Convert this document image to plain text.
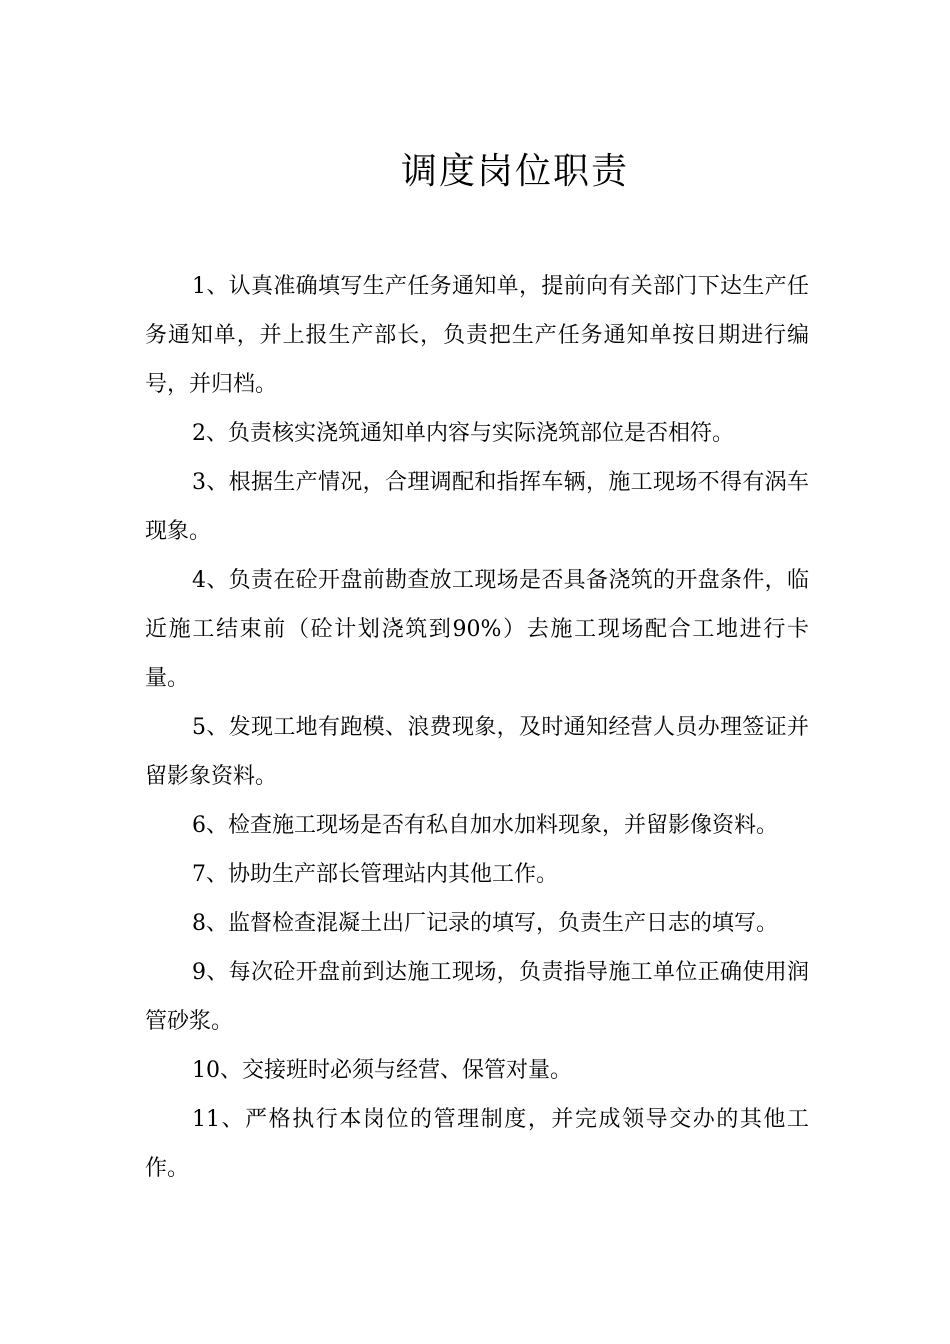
调度岗位职责

1、认真准确填写生产任务通知单，提前向有关部门下达生产任务通知单，并上报生产部长，负责把生产任务通知单按日期进行编号，并归档。

2、负责核实浇筑通知单内容与实际浇筑部位是否相符。

3、根据生产情况，合理调配和指挥车辆，施工现场不得有涡车现象。

4、负责在砼开盘前勘查放工现场是否具备浇筑的开盘条件，临近施工结束前（砼计划浇筑到90%）去施工现场配合工地进行卡量。

5、发现工地有跑模、浪费现象，及时通知经营人员办理签证并留影象资料。

6、检查施工现场是否有私自加水加料现象，并留影像资料。

7、协助生产部长管理站内其他工作。

8、监督检查混凝土出厂记录的填写，负责生产日志的填写。

9、每次砼开盘前到达施工现场，负责指导施工单位正确使用润管砂浆。

10、交接班时必须与经营、保管对量。

11、严格执行本岗位的管理制度，并完成领导交办的其他工作。
